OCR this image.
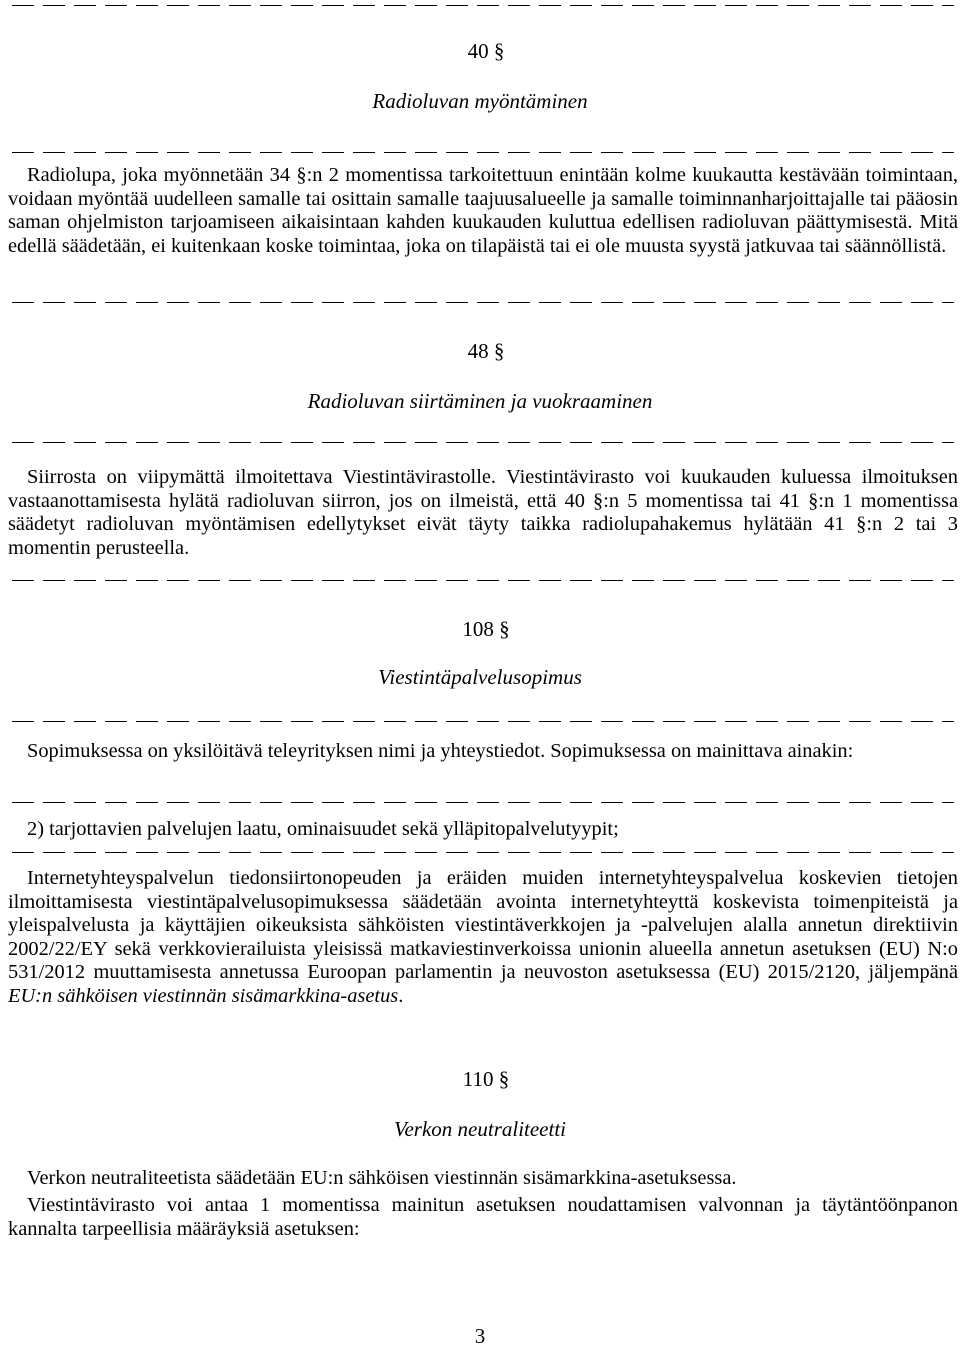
40 §
Radioluvan myöntäminen
Radiolupa, joka myönnetään 34 §:n 2 momentissa tarkoitettuun enintään kolme kuukautta kestävään toimintaan, voidaan myöntää uudelleen samalle tai osittain samalle taajuusalueelle ja samalle toiminnanharjoittajalle tai pääosin saman ohjelmiston tarjoamiseen aikaisintaan kahden kuukauden kuluttua edellisen radioluvan päättymisestä. Mitä edellä säädetään, ei kuitenkaan koske toimintaa, joka on tilapäistä tai ei ole muusta syystä jatkuvaa tai säännöllistä.
48 §
Radioluvan siirtäminen ja vuokraaminen
Siirrosta on viipymättä ilmoitettava Viestintävirastolle. Viestintävirasto voi kuukauden kuluessa ilmoituksen vastaanottamisesta hylätä radioluvan siirron, jos on ilmeistä, että 40 §:n 5 momentissa tai 41 §:n 1 momentissa säädetyt radioluvan myöntämisen edellytykset eivät täyty taikka radiolupahakemus hylätään 41 §:n 2 tai 3 momentin perusteella.
108 §
Viestintäpalvelusopimus
Sopimuksessa on yksilöitävä teleyrityksen nimi ja yhteystiedot. Sopimuksessa on mainittava ainakin:
2) tarjottavien palvelujen laatu, ominaisuudet sekä ylläpitopalvelutyypit;
Internetyhteyspalvelun tiedonsiirtonopeuden ja eräiden muiden internetyhteyspalvelua koskevien tietojen ilmoittamisesta viestintäpalvelusopimuksessa säädetään avointa internetyhteyttä koskevista toimenpiteistä ja yleispalvelusta ja käyttäjien oikeuksista sähköisten viestintäverkkojen ja -palvelujen alalla annetun direktiivin 2002/22/EY sekä verkkovierailuista yleisissä matkaviestinverkoissa unionin alueella annetun asetuksen (EU) N:o 531/2012 muuttamisesta annetussa Euroopan parlamentin ja neuvoston asetuksessa (EU) 2015/2120, jäljempänä EU:n sähköisen viestinnän sisämarkkina-asetus.
110 §
Verkon neutraliteetti
Verkon neutraliteetista säädetään EU:n sähköisen viestinnän sisämarkkina-asetuksessa.
Viestintävirasto voi antaa 1 momentissa mainitun asetuksen noudattamisen valvonnan ja täytäntöönpanon kannalta tarpeellisia määräyksiä asetuksen:
3
